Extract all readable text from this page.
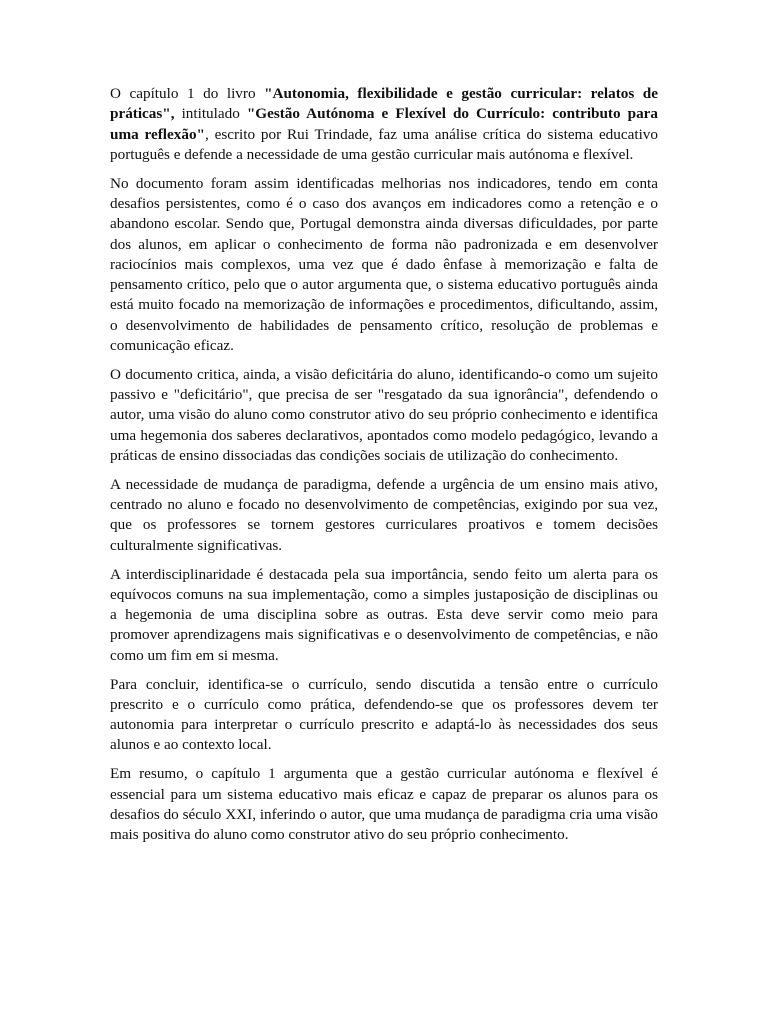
O capítulo 1 do livro "Autonomia, flexibilidade e gestão curricular: relatos de práticas", intitulado "Gestão Autónoma e Flexível do Currículo: contributo para uma reflexão", escrito por Rui Trindade, faz uma análise crítica do sistema educativo português e defende a necessidade de uma gestão curricular mais autónoma e flexível.

No documento foram assim identificadas melhorias nos indicadores, tendo em conta desafios persistentes, como é o caso dos avanços em indicadores como a retenção e o abandono escolar. Sendo que, Portugal demonstra ainda diversas dificuldades, por parte dos alunos, em aplicar o conhecimento de forma não padronizada e em desenvolver raciocínios mais complexos, uma vez que é dado ênfase à memorização e falta de pensamento crítico, pelo que o autor argumenta que, o sistema educativo português ainda está muito focado na memorização de informações e procedimentos, dificultando, assim, o desenvolvimento de habilidades de pensamento crítico, resolução de problemas e comunicação eficaz.

O documento critica, ainda, a visão deficitária do aluno, identificando-o como um sujeito passivo e "deficitário", que precisa de ser "resgatado da sua ignorância", defendendo o autor, uma visão do aluno como construtor ativo do seu próprio conhecimento e identifica uma hegemonia dos saberes declarativos, apontados como modelo pedagógico, levando a práticas de ensino dissociadas das condições sociais de utilização do conhecimento.

A necessidade de mudança de paradigma, defende a urgência de um ensino mais ativo, centrado no aluno e focado no desenvolvimento de competências, exigindo por sua vez, que os professores se tornem gestores curriculares proativos e tomem decisões culturalmente significativas.

A interdisciplinaridade é destacada pela sua importância, sendo feito um alerta para os equívocos comuns na sua implementação, como a simples justaposição de disciplinas ou a hegemonia de uma disciplina sobre as outras. Esta deve servir como meio para promover aprendizagens mais significativas e o desenvolvimento de competências, e não como um fim em si mesma.

Para concluir, identifica-se o currículo, sendo discutida a tensão entre o currículo prescrito e o currículo como prática, defendendo-se que os professores devem ter autonomia para interpretar o currículo prescrito e adaptá-lo às necessidades dos seus alunos e ao contexto local.

Em resumo, o capítulo 1 argumenta que a gestão curricular autónoma e flexível é essencial para um sistema educativo mais eficaz e capaz de preparar os alunos para os desafios do século XXI, inferindo o autor, que uma mudança de paradigma cria uma visão mais positiva do aluno como construtor ativo do seu próprio conhecimento.
